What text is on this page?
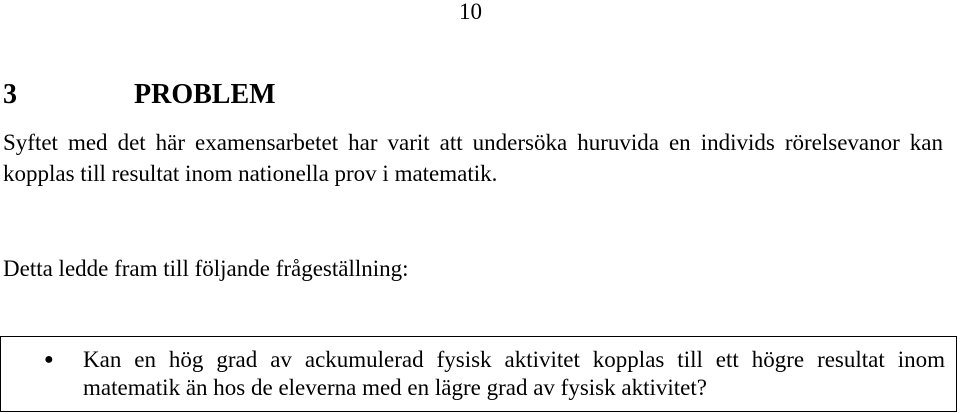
10
3	PROBLEM
Syftet med det här examensarbetet har varit att undersöka huruvida en individs rörelsevanor kan kopplas till resultat inom nationella prov i matematik.
Detta ledde fram till följande frågeställning:
● Kan en hög grad av ackumulerad fysisk aktivitet kopplas till ett högre resultat inom matematik än hos de eleverna med en lägre grad av fysisk aktivitet?
